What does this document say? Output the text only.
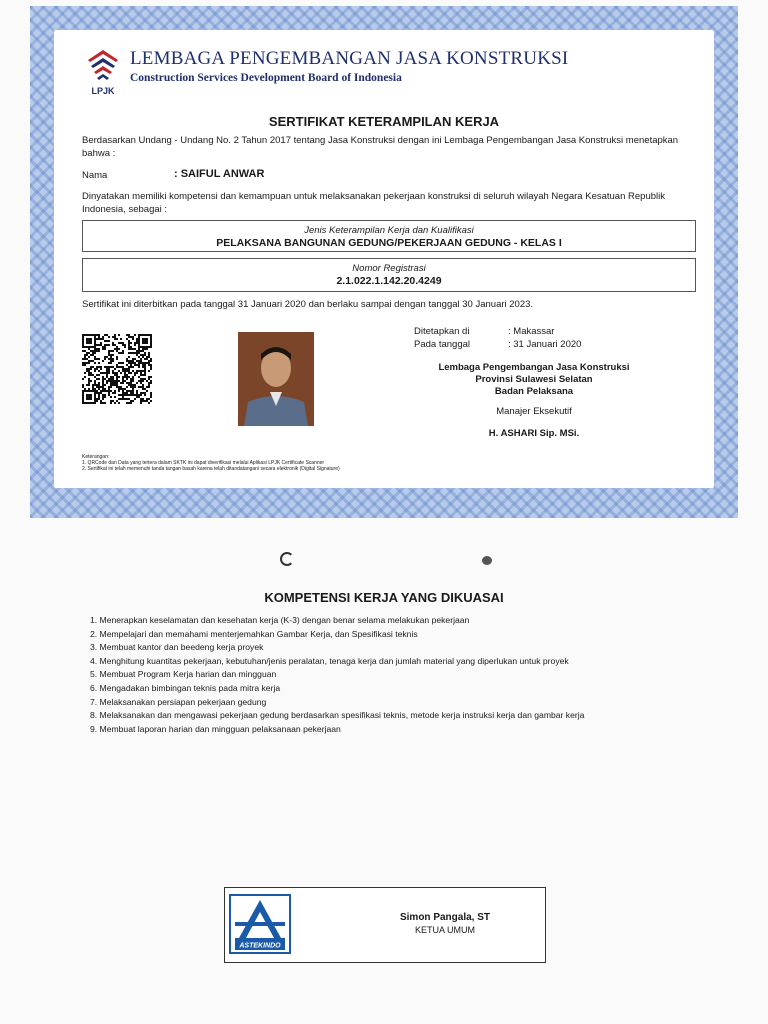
LPJK
LEMBAGA PENGEMBANGAN JASA KONSTRUKSI
Construction Services Development Board of Indonesia
SERTIFIKAT KETERAMPILAN KERJA
Berdasarkan Undang - Undang No. 2 Tahun 2017 tentang Jasa Konstruksi dengan ini Lembaga Pengembangan Jasa Konstruksi menetapkan
bahwa :
Nama	: SAIFUL ANWAR
Dinyatakan memiliki kompetensi dan kemampuan untuk melaksanakan pekerjaan konstruksi di seluruh wilayah Negara Kesatuan Republik
Indonesia, sebagai :
Jenis Keterampilan Kerja dan Kualifikasi
PELAKSANA BANGUNAN GEDUNG/PEKERJAAN GEDUNG - KELAS I
Nomor Registrasi
2.1.022.1.142.20.4249
Sertifikat ini diterbitkan pada tanggal 31 Januari 2020 dan berlaku sampai dengan tanggal 30 Januari 2023.
Ditetapkan di	: Makassar
Pada tanggal	: 31 Januari 2020
Lembaga Pengembangan Jasa Konstruksi
Provinsi Sulawesi Selatan
Badan Pelaksana
Manajer Eksekutif
H. ASHARI Sip. MSi.
Keterangan:
1. QRCode dan Data yang tertera dalam SKTK ini dapat diverifikasi melalui Aplikasi LPJK Certificate Scanner
2. Sertifikat ini telah memenuhi tanda tangan basah karena telah ditandatangani secara elektronik (Digital Signature)
KOMPETENSI KERJA YANG DIKUASAI
1. Menerapkan keselamatan dan kesehatan kerja (K-3) dengan benar selama melakukan pekerjaan
2. Mempelajari dan memahami menterjemahkan Gambar Kerja, dan Spesifikasi teknis
3. Membuat kantor dan beedeng kerja proyek
4. Menghitung kuantitas pekerjaan, kebutuhan/jenis peralatan, tenaga kerja dan jumlah material yang diperlukan untuk proyek
5. Membuat Program Kerja harian dan mingguan
6. Mengadakan bimbingan teknis pada mitra kerja
7. Melaksanakan persiapan pekerjaan gedung
8. Melaksanakan dan mengawasi pekerjaan gedung berdasarkan spesifikasi teknis, metode kerja instruksi kerja dan gambar kerja
9. Membuat laporan harian dan mingguan pelaksanaan pekerjaan
ASTEKINDO
Simon Pangala, ST
KETUA UMUM
